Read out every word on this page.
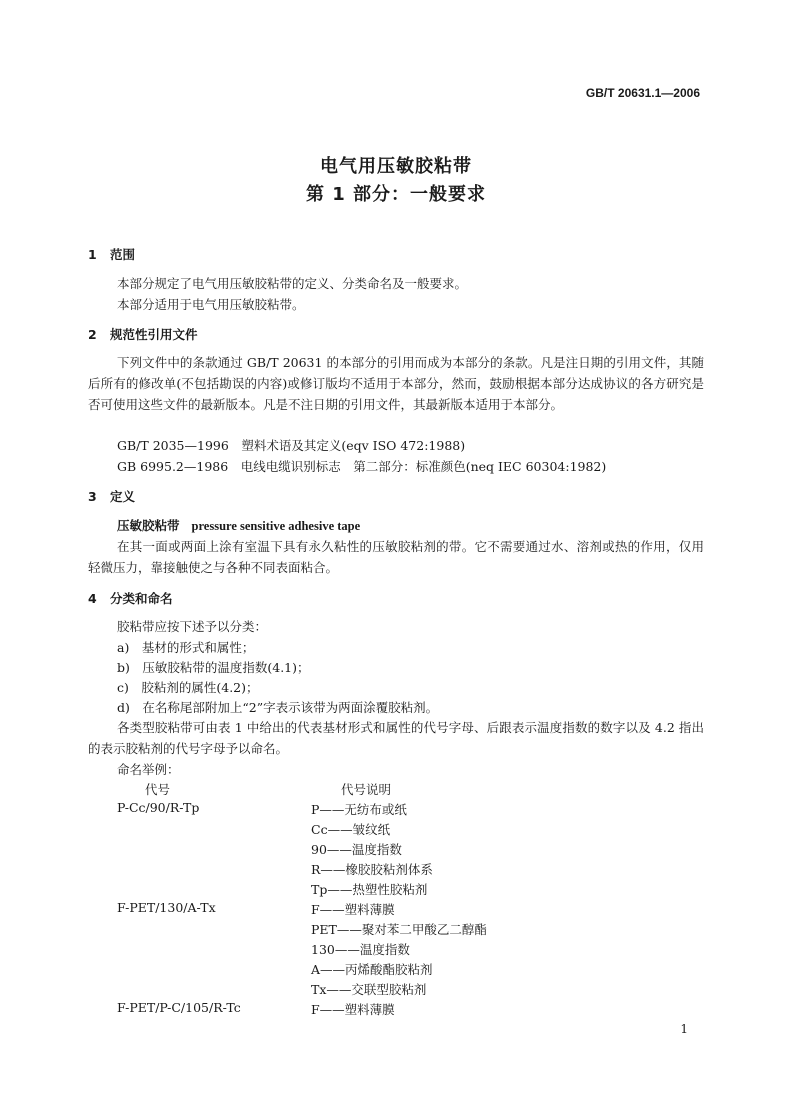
GB/T 20631.1—2006
电气用压敏胶粘带
第 1 部分：一般要求
1 范围
本部分规定了电气用压敏胶粘带的定义、分类命名及一般要求。
本部分适用于电气用压敏胶粘带。
2 规范性引用文件
下列文件中的条款通过 GB/T 20631 的本部分的引用而成为本部分的条款。凡是注日期的引用文件，其随后所有的修改单(不包括勘误的内容)或修订版均不适用于本部分，然而，鼓励根据本部分达成协议的各方研究是否可使用这些文件的最新版本。凡是不注日期的引用文件，其最新版本适用于本部分。
GB/T 2035—1996　塑料术语及其定义(eqv ISO 472:1988)
GB 6995.2—1986　电线电缆识别标志　第二部分：标准颜色(neq IEC 60304:1982)
3 定义
压敏胶粘带 pressure sensitive adhesive tape
在其一面或两面上涂有室温下具有永久粘性的压敏胶粘剂的带。它不需要通过水、溶剂或热的作用，仅用轻微压力，靠接触使之与各种不同表面粘合。
4 分类和命名
胶粘带应按下述予以分类：
a)　基材的形式和属性；
b)　压敏胶粘带的温度指数(4.1)；
c)　胶粘剂的属性(4.2)；
d)　在名称尾部附加上“2”字表示该带为两面涂覆胶粘剂。
各类型胶粘带可由表 1 中给出的代表基材形式和属性的代号字母、后跟表示温度指数的数字以及 4.2 指出的表示胶粘剂的代号字母予以命名。
命名举例：
代号	代号说明
P-Cc/90/R-Tp	P——无纺布或纸
Cc——皱纹纸
90——温度指数
R——橡胶胶粘剂体系
Tp——热塑性胶粘剂
F-PET/130/A-Tx	F——塑料薄膜
PET——聚对苯二甲酸乙二醇酯
130——温度指数
A——丙烯酸酯胶粘剂
Tx——交联型胶粘剂
F-PET/P-C/105/R-Tc	F——塑料薄膜
1
